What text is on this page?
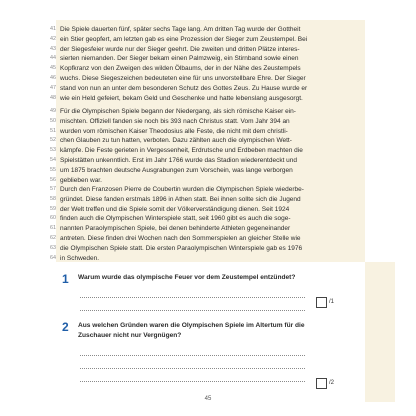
41 Die Spiele dauerten fünf, später sechs Tage lang. Am dritten Tag wurde der Gottheit
42 ein Stier geopfert, am letzten gab es eine Prozession der Sieger zum Zeustempel. Bei
43 der Siegesfeier wurde nur der Sieger geehrt. Die zweiten und dritten Plätze interes-
44 sierten niemanden. Der Sieger bekam einen Palmzweig, ein Stirnband sowie einen
45 Kopfkranz von den Zweigen des wilden Ölbaums, der in der Nähe des Zeustempels
46 wuchs. Diese Siegeszeichen bedeuteten eine für uns unvorstellbare Ehre. Der Sieger
47 stand von nun an unter dem besonderen Schutz des Gottes Zeus. Zu Hause wurde er
48 wie ein Held gefeiert, bekam Geld und Geschenke und hatte lebenslang ausgesorgt.
49 Für die Olympischen Spiele begann der Niedergang, als sich römische Kaiser ein-
50 mischten. Offiziell fanden sie noch bis 393 nach Christus statt. Vom Jahr 394 an
51 wurden vom römischen Kaiser Theodosius alle Feste, die nicht mit dem christli-
52 chen Glauben zu tun hatten, verboten. Dazu zählten auch die olympischen Wett-
53 kämpfe. Die Feste gerieten in Vergessenheit, Erdrutsche und Erdbeben machten die
54 Spielstätten unkenntlich. Erst im Jahr 1766 wurde das Stadion wiederentdeckt und
55 um 1875 brachten deutsche Ausgrabungen zum Vorschein, was lange verborgen
56 geblieben war.
57 Durch den Franzosen Pierre de Coubertin wurden die Olympischen Spiele wiederbe-
58 gründet. Diese fanden erstmals 1896 in Athen statt. Bei ihnen sollte sich die Jugend
59 der Welt treffen und die Spiele somit der Völkerverständigung dienen. Seit 1924
60 finden auch die Olympischen Winterspiele statt, seit 1960 gibt es auch die soge-
61 nannten Paraolympischen Spiele, bei denen behinderte Athleten gegeneinander
62 antreten. Diese finden drei Wochen nach den Sommerspielen an gleicher Stelle wie
63 die Olympischen Spiele statt. Die ersten Paraolympischen Winterspiele gab es 1976
64 in Schweden.
1 Warum wurde das olympische Feuer vor dem Zeustempel entzündet?
/1
2 Aus welchen Gründen waren die Olympischen Spiele im Altertum für die
Zuschauer nicht nur Vergnügen?
/2
45
